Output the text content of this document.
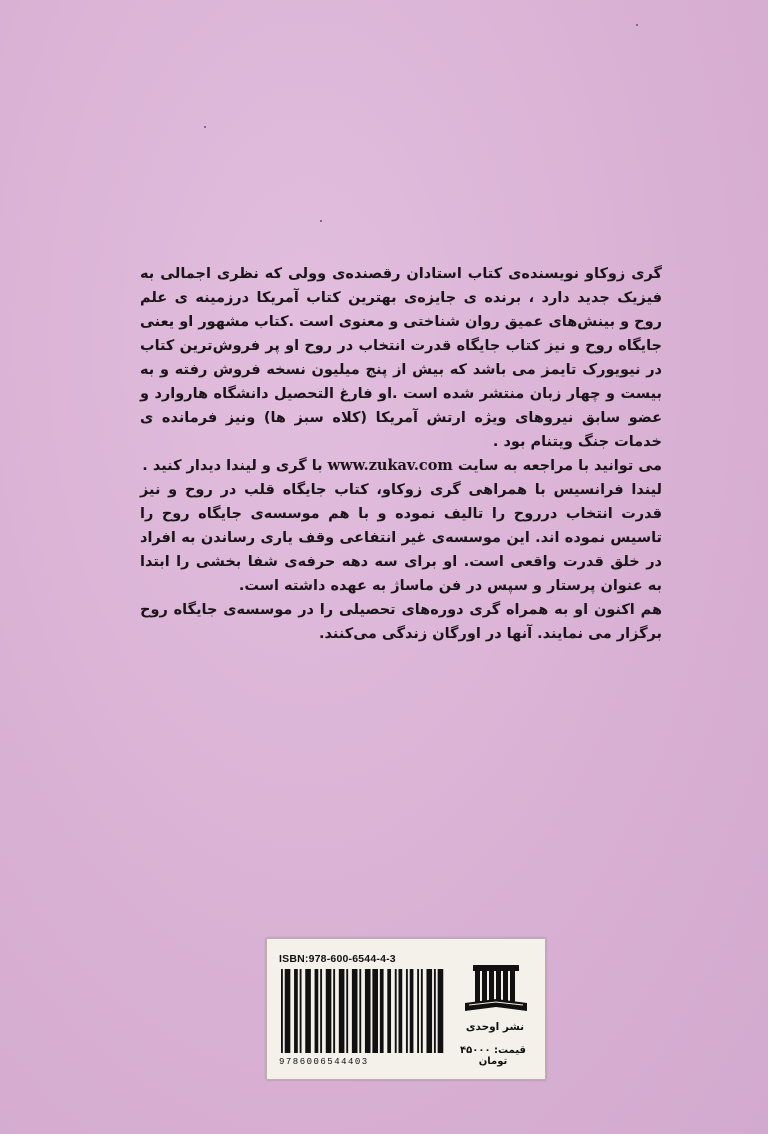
گری زوکاو نویسنده‌ی کتاب استادان رقصنده‌ی وولی که نظری اجمالی به فیزیک جدید دارد ، برنده ی جایزه‌ی بهترین کتاب آمریکا درزمینه ی علم روح و بینش‌های عمیق روان شناختی و معنوی است .کتاب مشهور او یعنی جایگاه روح و نیز کتاب جایگاه قدرت انتخاب در روح او پر فروش‌ترین کتاب در نیویورک تایمز می باشد که بیش از پنج میلیون نسخه فروش رفته و به بیست و چهار زبان منتشر شده است .او فارغ التحصیل دانشگاه هاروارد و عضو سابق نیروهای ویژه ارتش آمریکا (کلاه سبز ها) ونیز فرمانده ی خدمات جنگ ویتنام بود .

می توانید با مراجعه به سایت www.zukav.com با گری و لیندا دیدار کنید .

لیندا فرانسیس با همراهی گری زوکاو، کتاب جایگاه قلب در روح و نیز قدرت انتخاب درروح را تالیف نموده و با هم موسسه‌ی جایگاه روح را تاسیس نموده اند. این موسسه‌ی غیر انتفاعی وقف یاری رساندن به افراد در خلق قدرت واقعی است. او برای سه دهه حرفه‌ی شفا بخشی را ابتدا به عنوان پرستار و سپس در فن ماساژ به عهده داشته است.

هم اکنون او به همراه گری دوره‌های تحصیلی را در موسسه‌ی جایگاه روح برگزار می نمایند. آنها در اورگان زندگی می‌کنند.

ISBN:978-600-6544-4-3
9786006544403
نشر اوحدی
قیمت: ۴۵۰۰۰ تومان
